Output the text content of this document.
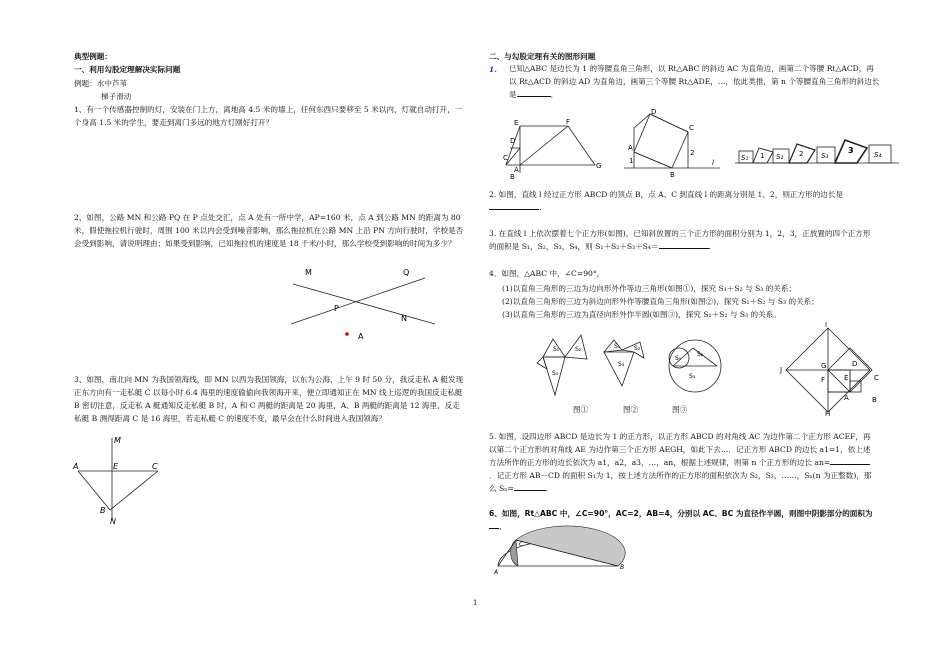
典型例题：
一、利用勾股定理解决实际问题
例题：水中芦苇
梯子滑动
1、有一个传感器控制的灯，安装在门上方，离地高 4.5 米的墙上，任何东西只要移至 5 米以内，灯就自动打开，一个身高 1.5 米的学生，要走到离门多远的地方灯刚好打开？
2、如图，公路 MN 和公路 PQ 在 P 点处交汇，点 A 处有一所中学，AP=160 米，点 A 到公路 MN 的距离为 80 米，假使拖拉机行驶时，周围 100 米以内会受到噪音影响，那么拖拉机在公路 MN 上沿 PN 方向行驶时，学校是否会受到影响，请说明理由；如果受到影响，已知拖拉机的速度是 18 千米/小时，那么学校受到影响的时间为多少？
M	Q
P
N
A
3、如图，南北向 MN 为我国领海线，即 MN 以西为我国领海，以东为公海，上午 9 时 50 分，我反走私 A 艇发现正东方向有一走私艇 C 以每小时 6.4 海里的速度偷偷向我领海开来，便立即通知正在 MN 线上巡逻的我国反走私艇 B 密切注意，反走私 A 艇通知反走私艇 B 时，A 和 C 两艇的距离是 20 海里，A、B 两艇的距离是 12 海里，反走私艇 B 测得距离 C 是 16 海里，若走私艇 C 的速度不变，最早会在什么时间进入我国领海？
M
A	E	C
B
N
二、与勾股定理有关的图形问题
1. 已知△ABC 是边长为 1 的等腰直角三角形，以 Rt△ABC 的斜边 AC 为直角边，画第二个等腰 Rt△ACD，再以 Rt△ACD 的斜边 AD 为直角边，画第三个等腰 Rt△ADE，…，依此类推，第 n 个等腰直角三角形的斜边长是	．
E	F
D
C
A
B
G
D
A
B
C
1
2
l
S₁ 1 S₂ 2	S₃
3	S₄
2. 如图，直线 l 经过正方形 ABCD 的顶点 B，点 A、C 到直线 l 的距离分别是 1、2，则正方形的边长是.
3. 在直线 l 上依次摆着七个正方形(如图)，已知斜放置的三个正方形的面积分别为 1，2，3，正放置的四个正方形的面积是 S₁，S₂，S₃，S₄，则 S₁＋S₂＋S₃＋S₄＝	.
4．如图，△ABC 中，∠C=90°，
(1)以直角三角形的三边为边向形外作等边三角形(如图①)，探究 S₁＋S₂ 与 S₃ 的关系；
(2)以直角三角形的三边为斜边向形外作等腰直角三角形(如图②)，探究 S₁＋S₂ 与 S₃ 的关系；
(3)以直角三角形的三边为直径向形外作半圆(如图③)，探究 S₁＋S₂ 与 S₃ 的关系。
S₁	S₂
S₃
S₁ S₂
S₃
S₁
S₂
S₃
图①	图②	图③
I
J	G
F	E
D
C
A	B
H
5. 如图，设四边形 ABCD 是边长为 1 的正方形，以正方形 ABCD 的对角线 AC 为边作第二个正方形 ACEF，再以第二个正方形的对角线 AE 为边作第三个正方形 AEGH，如此下去…．记正方形 ABCD 的边长 a1=1，依上述方法所作的正方形的边长依次为 a1，a2，a3，…，an，根据上述规律，则第 n 个正方形的边长 an=．记正方形 AB－CD 的面积 S₁为 1，按上述方法所作的正方形的面积依次为 S₂，S₃，……，Sₙ(n 为正整数)，那么 Sₙ=	.
6、如图，Rt△ABC 中，∠C=90°，AC=2，AB=4，分别以 AC、BC 为直径作半圆，则图中阴影部分的面积为．
A
C
B
1
